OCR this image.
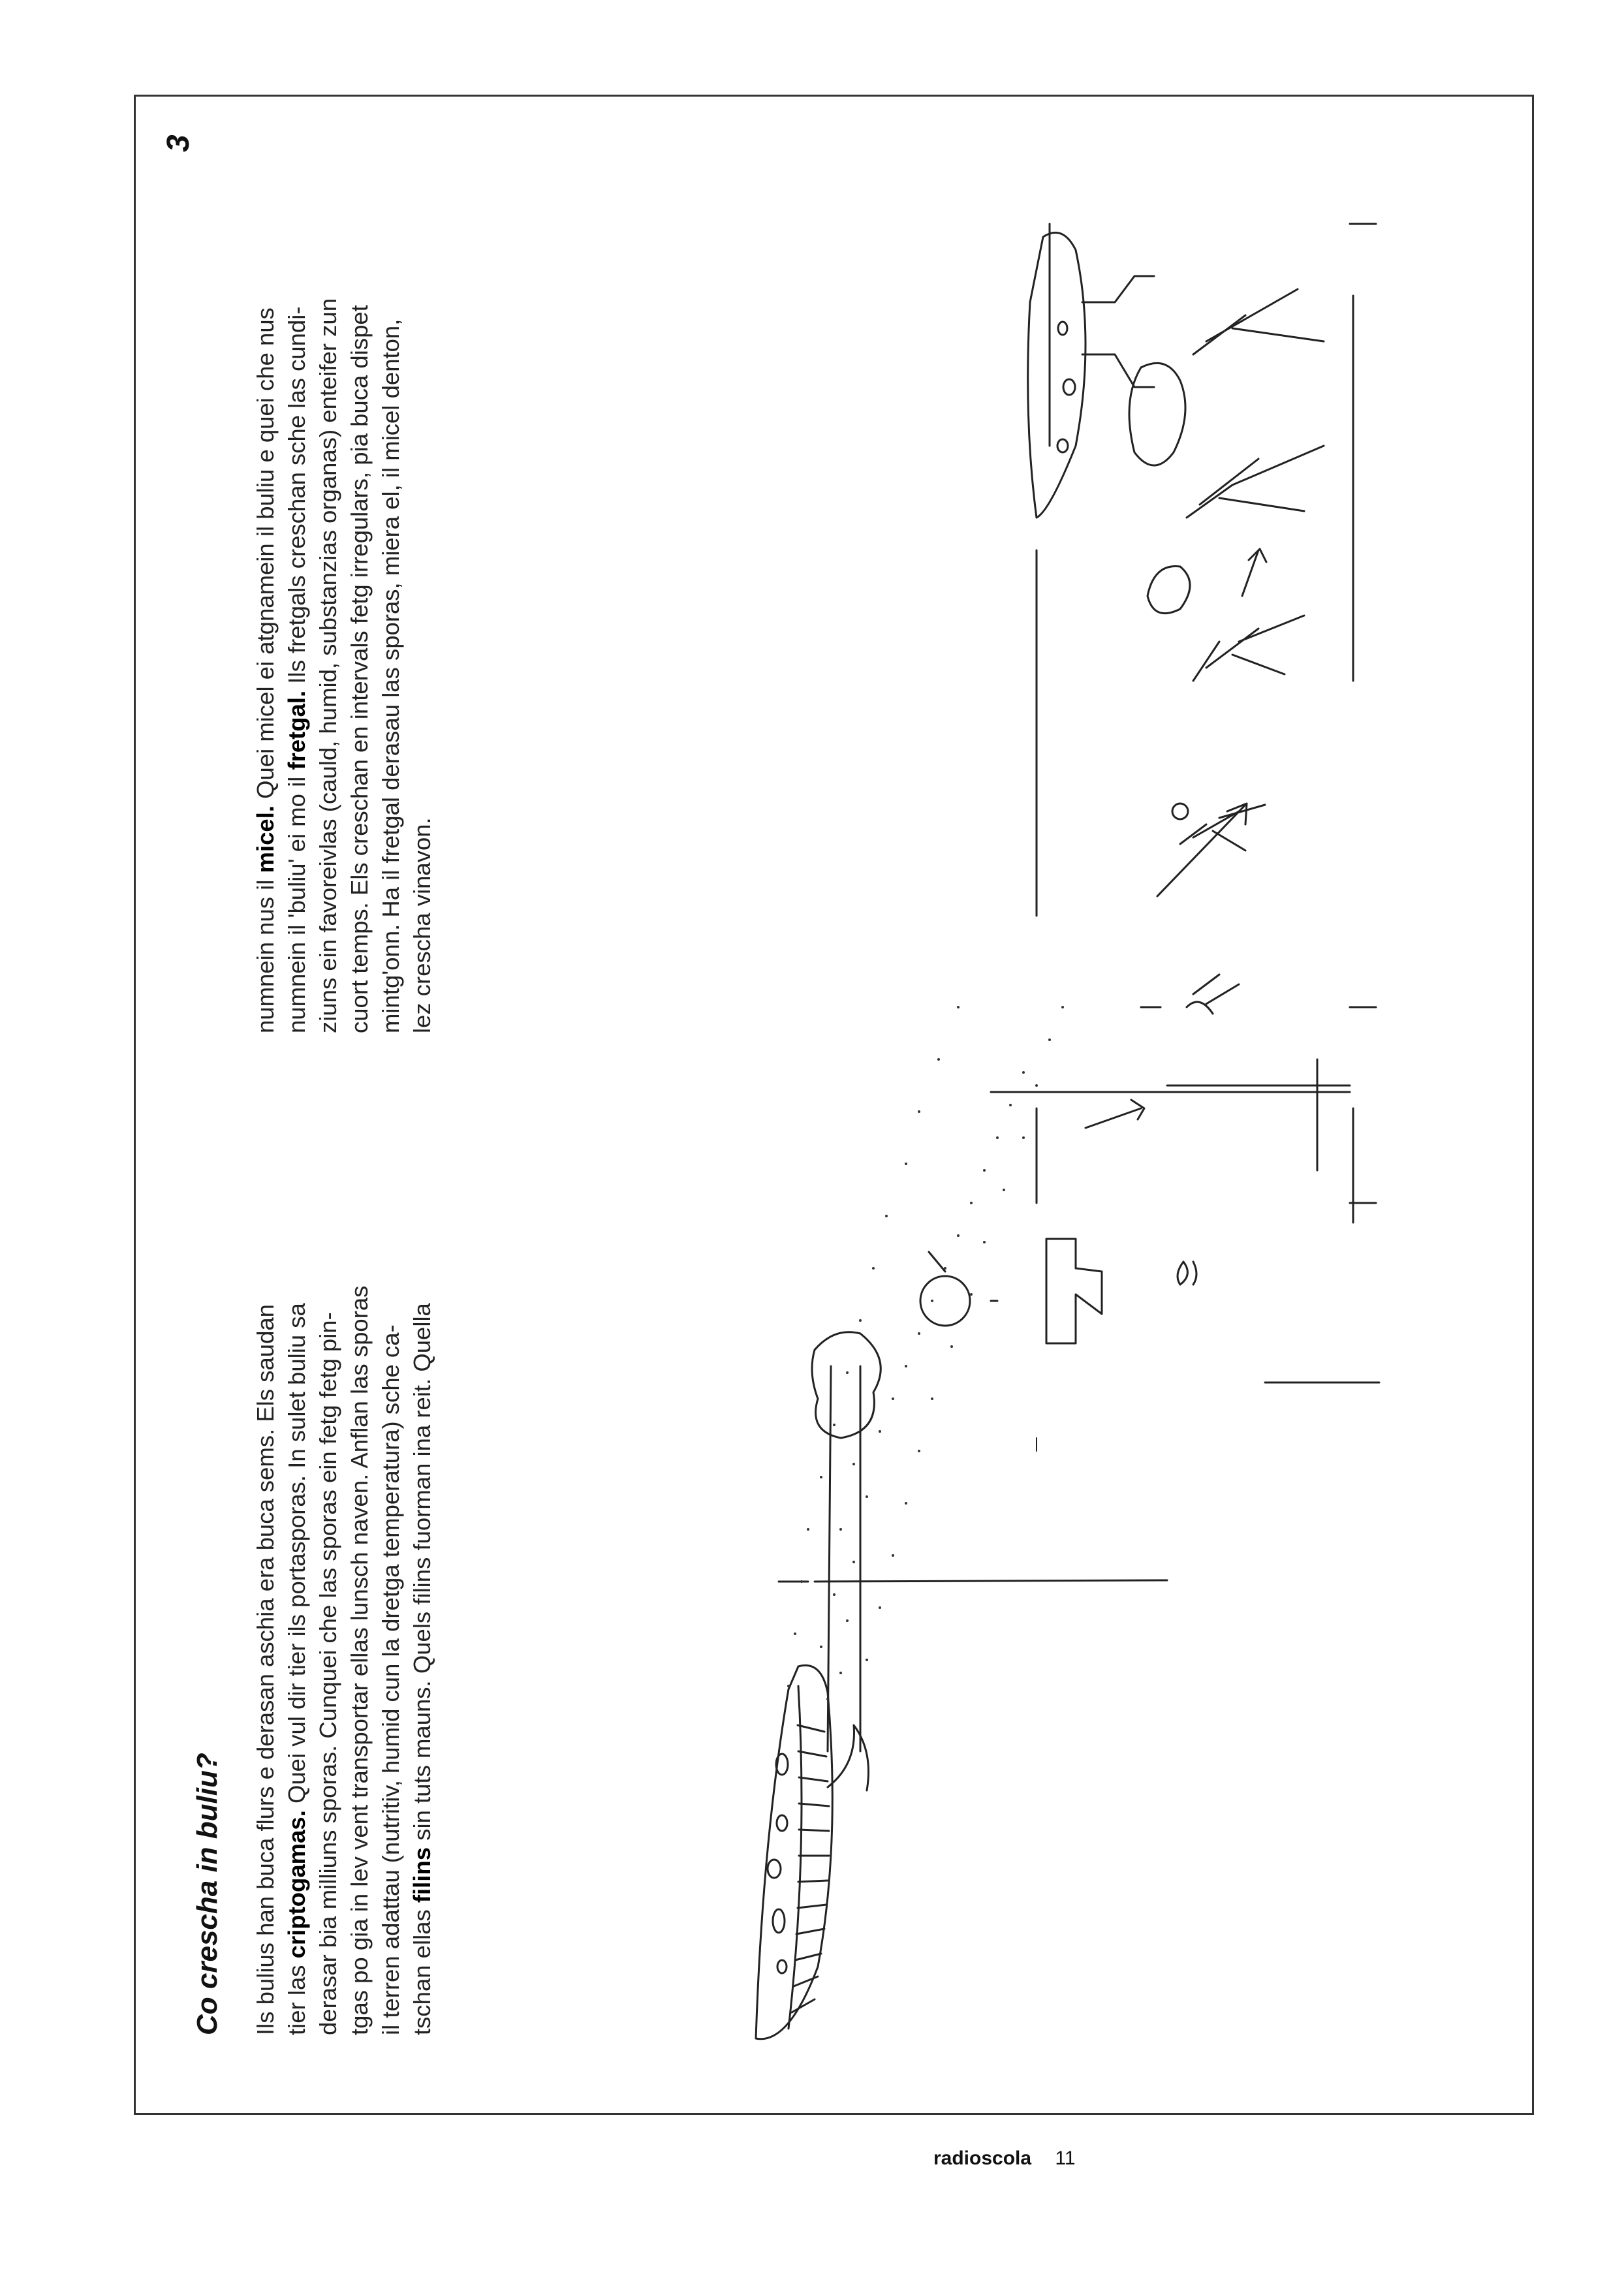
Co crescha in buliu? Ils bulius han buca flurs e derasan aschia era buca sems. Els saudan tier las criptogamas. Quei vul dir tier ils portasporas. In sulet buliu sa derasar bia milliuns sporas. Cunquei che las sporas ein fetg fetg pin- tgas po gia in lev vent transportar ellas lunsch naven. Anflan las sporas il terren adattau (nutritiv, humid cun la dretga temperatura) sche ca- tschan ellas filins sin tuts mauns. Quels filins fuorman ina reit. Quella
numnein nus il micel. Quei micel ei atgnamein il buliu e quei che nus
numnein il 'buliu' ei mo il fretgal. Ils fretgals creschan sche las cundi- ziuns ein favoreivlas (cauld, humid, substanzias organas) enteifer zun cuort temps. Els creschan en intervals fetg irregulars, pia buca dispet mintg'onn. Ha il fretgal derasau las sporas, miera el, il micel denton, lez crescha vinavon.
3
radioscola 11
